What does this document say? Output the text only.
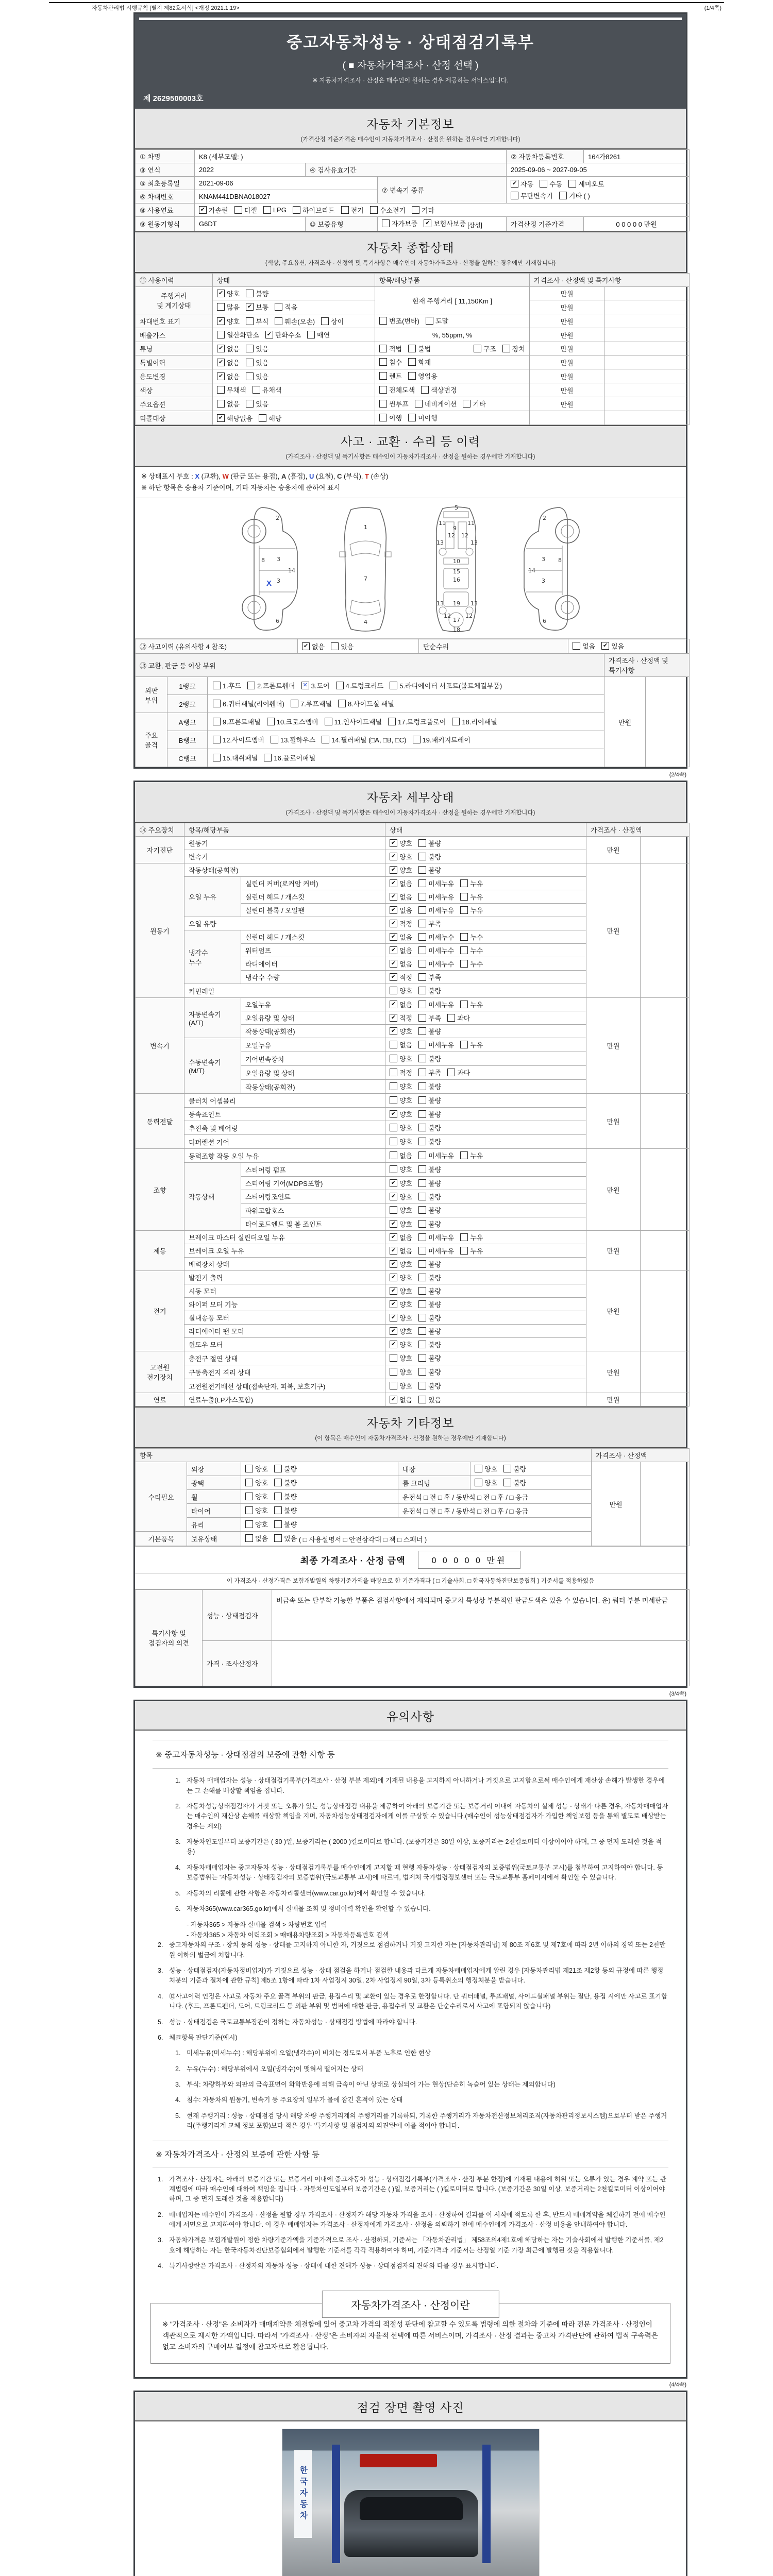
자동차관리법 시행규칙 [별지 제82호서식] <개정 2021.1.19>	(1/4쪽)
중고자동차성능 · 상태점검기록부
( ■ 자동차가격조사 · 산정 선택 )
※ 자동차가격조사 · 산정은 매수인이 원하는 경우 제공하는 서비스입니다.
제 2629500003호
자동차 기본정보
(가격산정 기준가격은 매수인이 자동차가격조사 · 산정을 원하는 경우에만 기재합니다)
① 차명	K8 (세부모델: )			② 자동차등록번호	164가8261
③ 연식	2022	④ 검사유효기간		2025-09-06 ~ 2027-09-05	
⑤ 최초등록일	2021-09-06	⑦ 변속기 종류	
✔ 자동 수동 세미오토
무단변속기 기타 ( )

⑥ 차대번호	KNAM441DBNA018027				
⑧ 사용연료	✔ 가솔린 디젤 LPG 하이브리드 전기 수소전기 기타

⑨ 원동기형식	G6DT	⑩ 보증유형	자가보증 ✔ 보험사보증 [삼성]	가격산정 기준가격	0 0 0 0 0 만원
자동차 종합상태
(색상, 주요옵션, 가격조사 · 산정액 및 특기사항은 매수인이 자동차가격조사 · 산정을 원하는 경우에만 기재합니다)
⑪ 사용이력	상태	항목/해당부품	가격조사 · 산정액 및 특기사항	
주행거리
및 계기상태	✔ 양호 불량	현재 주행거리 [ 11,150Km ]	만원	

	많음 ✔ 보통 적음		만원	
차대번호 표기	✔ 양호 부식 훼손(오손) 상이	변조(변타) 도말	만원	
배출가스	일산화탄소 ✔ 탄화수소 매연	%, 55ppm, %	만원	
튜닝	✔ 없음 있음	적법 불법 구조 장치	만원	
특별이력	✔ 없음 있음	침수 화재	만원	
용도변경	✔ 없음 있음	렌트 영업용	만원	
색상	무채색 유채색	전체도색 색상변경	만원	
주요옵션	없음 있음	썬루프 네비게이션 기타	만원	
리콜대상	✔ 해당없음 해당	이행 미이행		

사고 · 교환 · 수리 등 이력
(가격조사 · 산정액 및 특기사항은 매수인이 자동차가격조사 · 산정을 원하는 경우에만 기재합니다)
※ 상태표시 부호 : X (교환), W (판금 또는 용접), A (흠집), U (요철), C (부식), T (손상)
※ 하단 항목은 승용차 기준이며, 기타 자동차는 승용차에 준하여 표시
2
8 3
14
3
6
X
1
7
4
5
11	11
13	13
12 12
9
10
15
16
13	13
12	12
19
17
18
2
8
3
14
3
6
⑫ 사고이력 (유의사항 4 참조)	✔ 없음 있음	단순수리	없음 ✔ 있음
⑬ 교환, 판금 등 이상 부위			가격조사 · 산정액 및 특기사항	
외판
부위	1랭크	1.후드 2.프론트휀더 ✕ 3.도어 4.트렁크리드 5.라디에이터 서포트(볼트체결부품)
	만원	
	2랭크	6.쿼터패널(리어휀더) 7.루프패널 8.사이드실 패널		

주요
골격	A랭크	9.프론트패널 10.크로스멤버 11.인사이드패널 17.트렁크플로어 18.리어패널		

	B랭크	12.사이드멤버 13.휠하우스 14.필러패널 (□A, □B, □C) 19.패키지트레이		

	C랭크	15.대쉬패널 16.플로어패널		
(2/4쪽)
자동차 세부상태
(가격조사 · 산정액 및 특기사항은 매수인이 자동차가격조사 · 산정을 원하는 경우에만 기재합니다)
⑭ 주요장치	항목/해당부품		상태	가격조사 · 산정액	
자기진단	원동기		✔ 양호 불량	만원	
	변속기		✔ 양호 불량		

원동기	작동상태(공회전)		✔ 양호 불량	만원	
	오일 누유	실린더 커버(로커암 커버)	✔ 없음 미세누유 누유		

		실린더 헤드 / 개스킷	✔ 없음 미세누유 누유		

		실린더 블록 / 오일팬	✔ 없음 미세누유 누유		

	오일 유량		✔ 적정 부족		

	냉각수
누수	실린더 헤드 / 개스킷	✔ 없음 미세누수 누수		

		워터펌프	✔ 없음 미세누수 누수		

		라디에이터	✔ 없음 미세누수 누수		

		냉각수 수량	✔ 적정 부족		

	커먼레일		양호 불량		

변속기	자동변속기
(A/T)	오일누유	✔ 없음 미세누유 누유	만원	
		오일유량 및 상태	✔ 적정 부족 과다		

		작동상태(공회전)	✔ 양호 불량		

	수동변속기
(M/T)	오일누유	없음 미세누유 누유		

		기어변속장치	양호 불량		

		오일유량 및 상태	적정 부족 과다		

		작동상태(공회전)	양호 불량		

동력전달	클러치 어셈블리		양호 불량	만원	
	등속죠인트		✔ 양호 불량		

	추진축 및 베어링		양호 불량		

	디퍼렌셜 기어		양호 불량		

조향	동력조향 작동 오일 누유		없음 미세누유 누유	만원	
	작동상태	스티어링 펌프	양호 불량		

		스티어링 기어(MDPS포함)	✔ 양호 불량		

		스티어링조인트	✔ 양호 불량		

		파워고압호스	양호 불량		

		타이로드엔드 및 볼 조인트	✔ 양호 불량		

제동	브레이크 마스터 실린더오일 누유		✔ 없음 미세누유 누유	만원	
	브레이크 오일 누유		✔ 없음 미세누유 누유		

	배력장치 상태		✔ 양호 불량		

전기	발전기 출력		✔ 양호 불량	만원	
	시동 모터		✔ 양호 불량		

	와이퍼 모터 기능		✔ 양호 불량		

	실내송풍 모터		✔ 양호 불량		

	라디에이터 팬 모터		✔ 양호 불량		

	윈도우 모터		✔ 양호 불량		

고전원
전기장치	충전구 절연 상태		양호 불량	만원	
	구동축전지 격리 상태		양호 불량		

	고전원전기배선 상태(접속단자, 피복, 보호기구)		양호 불량		

연료	연료누출(LP가스포함)		✔ 없음 있음	만원	
자동차 기타정보
(이 항목은 매수인이 자동차가격조사 · 산정을 원하는 경우에만 기재합니다)
항목					가격조사 · 산정액	
수리필요	외장	양호 불량	내장	양호 불량	만원	
	광택	양호 불량	룸 크리닝	양호 불량		

	휠	양호 불량	운전석 □ 전 □ 후 / 동반석 □ 전 □ 후 / □ 응급			
	타이어	양호 불량	운전석 □ 전 □ 후 / 동반석 □ 전 □ 후 / □ 응급			
	유리	양호 불량				

기본품목	보유상태	없음 있음 ( □ 사용설명서 □ 안전삼각대 □ 잭 □ 스패너 )				
최종 가격조사 · 산정 금액	0 0 0 0 0 만원
이 가격조사 · 산정가격은 보험개발원의 차량기준가액을 바탕으로 한 기준가격과 ( □ 기술사회, □ 한국자동차진단보증협회 ) 기준서를 적용하였음
특기사항 및
점검자의 의견	성능 · 상태점검자	비금속 또는 탈부착 가능한 부품은 점검사항에서 제외되며 중고차 특성상 부분적인 판금도색은 있을 수 있습니다. 운) 쿼터 부분 미세판금
	가격 · 조사산정자	
(3/4쪽)
유의사항
※ 중고자동차성능 · 상태점검의 보증에 관한 사항 등
1. 자동차 매매업자는 성능 · 상태점검기록부(가격조사 · 산정 부분 제외)에 기재된 내용을 고지하지 아니하거나 거짓으로 고지함으로써 매수인에게 재산상 손해가 발생한 경우에는 그 손해를 배상할 책임을 집니다.
2. 자동차성능상태점검자가 거짓 또는 오류가 있는 성능상태점검 내용을 제공하여 아래의 보증기간 또는 보증거리 이내에 자동차의 실제 성능 · 상태가 다른 경우, 자동차매매업자는 매수인의 재산상 손해를 배상할 책임을 지며, 자동차성능상태점검자에게 이를 구상할 수 있습니다.(매수인이 성능상태점검자가 가입한 책임보험 등을 통해 별도로 배상받는 경우는 제외)
3. 자동차인도일부터 보증기간은 ( 30 )일, 보증거리는 ( 2000 )킬로미터로 합니다. (보증기간은 30일 이상, 보증거리는 2천킬로미터 이상이어야 하며, 그 중 먼저 도래한 것을 적용)
4. 자동차매매업자는 중고자동차 성능 · 상태점검기록부를 매수인에게 고지할 때 현행 자동차성능 · 상태점검자의 보증범위(국토교통부 고시)를 첨부하여 고지하여야 합니다. 동 보증범위는 '자동차성능 · 상태점검자의 보증범위'(국토교통부 고시)에 따르며, 법제처 국가법령정보센터 또는 국토교통부 홈페이지에서 확인할 수 있습니다.
5. 자동차의 리콜에 관한 사항은 자동차리콜센터(www.car.go.kr)에서 확인할 수 있습니다.
6. 자동차365(www.car365.go.kr)에서 실매물 조회 및 정비이력 확인을 확인할 수 있습니다.
- 자동차365 > 자동차 실매물 검색 > 차량번호 입력
- 자동차365 > 자동차 이력조회 > 매매용차량조회 > 자동차등록번호 검색
2. 중고자동차의 구조 · 장치 등의 성능 · 상태를 고지하지 아니한 자, 거짓으로 점검하거나 거짓 고지한 자는 [자동차관리법] 제 80조 제6호 및 제7호에 따라 2년 이하의 징역 또는 2천만원 이하의 벌금에 처합니다.
3. 성능 · 상태점검자(자동차정비업자)가 거짓으로 성능 · 상태 점검을 하거나 점검한 내용과 다르게 자동차매매업자에게 알린 경우 [자동차관리법 제21조 제2항 등의 규정에 따른 행정처분의 기준과 절차에 관한 규칙] 제5조 1항에 따라 1차 사업정지 30일, 2차 사업정지 90일, 3차 등록취소의 행정처분을 받습니다.
4. ⑫사고이력 인정은 사고로 자동차 주요 골격 부위의 판금, 용접수리 및 교환이 있는 경우로 한정합니다. 단 쿼터패널, 루프패널, 사이드실패널 부위는 절단, 용접 시에만 사고로 표기합니다. (후드, 프론트펜더, 도어, 트렁크리드 등 외판 부위 및 범퍼에 대한 판금, 용접수리 및 교환은 단순수리로서 사고에 포함되지 않습니다)
5. 성능 · 상태점검은 국토교통부장관이 정하는 자동차성능 · 상태점검 방법에 따라야 합니다.
6. 체크항목 판단기준(예시)
1. 미세누유(미세누수) : 해당부위에 오일(냉각수)이 비치는 정도로서 부품 노후로 인한 현상
2. 누유(누수) : 해당부위에서 오일(냉각수)이 맺혀서 떨어지는 상태
3. 부식: 차량하부와 외판의 금속표면이 화학반응에 의해 금속이 아닌 상태로 상실되어 가는 현상(단순히 녹슬어 있는 상태는 제외합니다)
4. 침수: 자동차의 원동기, 변속기 등 주요장치 일부가 물에 잠긴 흔적이 있는 상태
5. 현재 주행거리 : 성능 · 상태점검 당시 해당 차량 주행거리계의 주행거리를 기록하되, 기록한 주행거리가 자동차전산정보처리조직(자동차관리정보시스템)으로부터 받은 주행거리(주행거리계 교체 정보 포함)보다 적은 경우 '특기사항 및 점검자의 의견'란에 이를 적어야 합니다.
※ 자동차가격조사 · 산정의 보증에 관한 사항 등
1. 가격조사 · 산정자는 아래의 보증기간 또는 보증거리 이내에 중고자동차 성능 · 상태점검기록부(가격조사 · 산정 부분 한정)에 기재된 내용에 허위 또는 오류가 있는 경우 계약 또는 관계법령에 따라 매수인에 대하여 책임을 집니다. · 자동차인도일부터 보증기간은 ( )일, 보증거리는 ( )킬로미터로 합니다. (보증기간은 30일 이상, 보증거리는 2천킬로미터 이상이어야 하며, 그 중 먼저 도래한 것을 적용합니다)
2. 매매업자는 매수인이 가격조사 · 산정을 원할 경우 가격조사 · 산정자가 해당 자동차 가격을 조사 · 산정하여 결과를 이 서식에 적도록 한 후, 반드시 매매계약을 체결하기 전에 매수인에게 서면으로 고지하여야 합니다. 이 경우 매매업자는 가격조사 · 산정자에게 가격조사 · 산정을 의뢰하기 전에 매수인에게 가격조사 · 산정 비용을 안내하여야 합니다.
3. 자동차가격은 보험개발원이 정한 차량기준가액을 기준가격으로 조사 · 산정하되, 기준서는 「자동차관리법」 제58조의4제1호에 해당하는 자는 기술사회에서 발행한 기준서를, 제2호에 해당하는 자는 한국자동차진단보증협회에서 발행한 기준서를 각각 적용하여야 하며, 기준가격과 기준서는 산정일 기준 가장 최근에 발행된 것을 적용합니다.
4. 특기사항란은 가격조사 · 산정자의 자동차 성능 · 상태에 대한 견해가 성능 · 상태점검자의 견해와 다를 경우 표시합니다.
자동차가격조사 · 산정이란
※ "가격조사 · 산정"은 소비자가 매매계약을 체결함에 있어 중고차 가격의 적절성 판단에 참고할 수 있도록 법령에 의한 절차와 기준에 따라 전문 가격조사 · 산정인이 객관적으로 제시한 가액입니다. 따라서 "가격조사 · 산정"은 소비자의 자율적 선택에 따른 서비스이며, 가격조사 · 산정 결과는 중고차 가격판단에 관하여 법적 구속력은 없고 소비자의 구매여부 결정에 참고자료로 활용됩니다.
(4/4쪽)
점검 장면 촬영 사진
한국자동차
